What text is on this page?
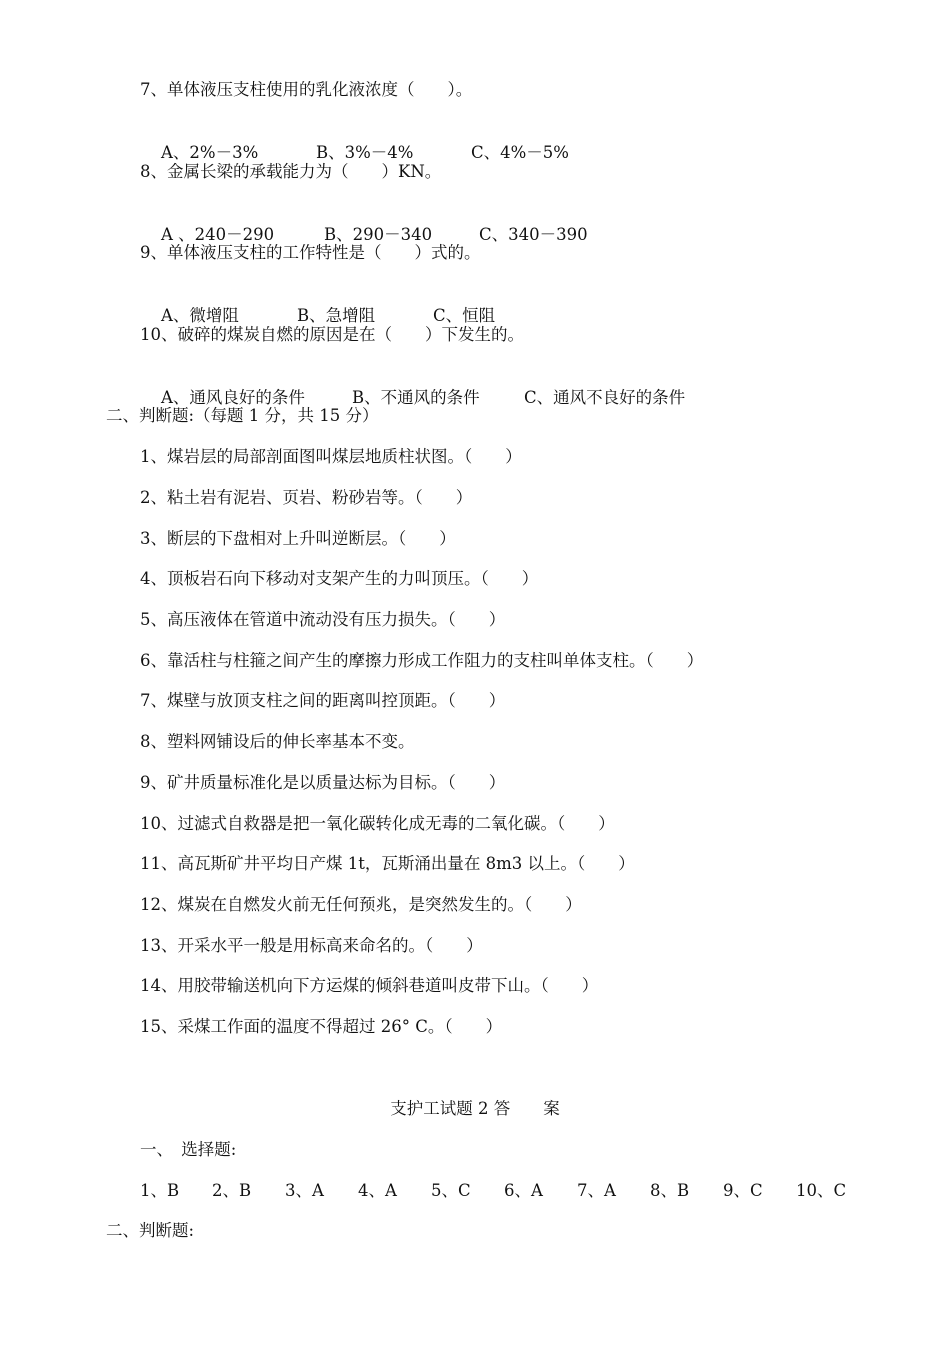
7、单体液压支柱使用的乳化液浓度（　　）。

A、2%－3%	B、3%－4%	C、4%－5%

8、金属长梁的承载能力为（　　）KN。

A 、240－290	B、290－340	C、340－390

9、单体液压支柱的工作特性是（　　）式的。

A、微增阻	B、急增阻	C、恒阻

10、破碎的煤炭自燃的原因是在（　　）下发生的。

A、通风良好的条件	B、不通风的条件	C、通风不良好的条件

二、判断题:（每题 1 分，共 15 分）
1、煤岩层的局部剖面图叫煤层地质柱状图。（　　）
2、粘土岩有泥岩、页岩、粉砂岩等。（　　）
3、断层的下盘相对上升叫逆断层。（　　）
4、顶板岩石向下移动对支架产生的力叫顶压。（　　）
5、高压液体在管道中流动没有压力损失。（　　）
6、靠活柱与柱箍之间产生的摩擦力形成工作阻力的支柱叫单体支柱。（　　）
7、煤壁与放顶支柱之间的距离叫控顶距。（　　）
8、塑料网铺设后的伸长率基本不变。
9、矿井质量标准化是以质量达标为目标。（　　）
10、过滤式自救器是把一氧化碳转化成无毒的二氧化碳。（　　）
11、高瓦斯矿井平均日产煤 1t，瓦斯涌出量在 8m3 以上。（　　）
12、煤炭在自燃发火前无任何预兆，是突然发生的。（　　）
13、开采水平一般是用标高来命名的。（　　）
14、用胶带输送机向下方运煤的倾斜巷道叫皮带下山。（　　）
15、采煤工作面的温度不得超过 26° C。（　　）
支护工试题 2 答　　案
一、　选择题:
1、B 2、B 3、A 4、A 5、C 6、A 7、A 8、B 9、C 10、C
二、判断题:
